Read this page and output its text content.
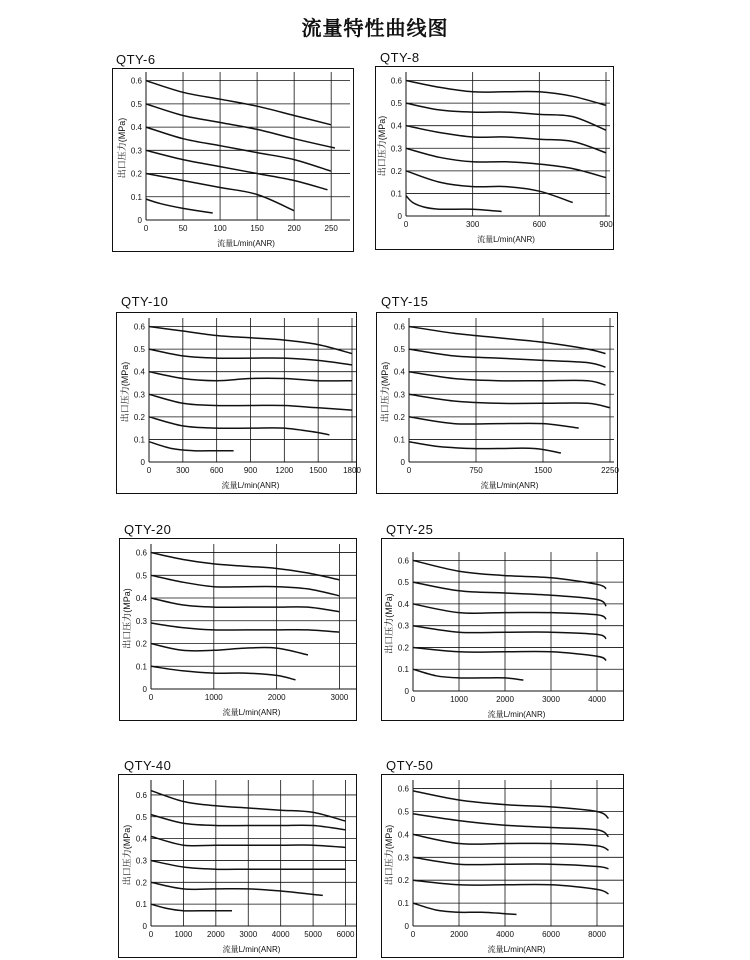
流量特性曲线图
QTY-6	QTY-8
QTY-10	QTY-15
QTY-20	QTY-25
QTY-40	QTY-50
0	50	100	150	200	250
0
0.1
0.2
0.3
0.4
0.5
0.6
流量L/min(ANR)
出口压力(MPa)
0	300	600	900
0
0.1
0.2
0.3
0.4
0.5
0.6
流量L/min(ANR)
出口压力(MPa)
0	300	600	900 1200 1500 1800
0
0.1
0.2
0.3
0.4
0.5
0.6
流量L/min(ANR)
出口压力(MPa)
0	750	1500	2250
0
0.1
0.2
0.3
0.4
0.5
0.6
流量L/min(ANR)
出口压力(MPa)
0	1000	2000	3000
0
0.1
0.2
0.3
0.4
0.5
0.6
流量L/min(ANR)
出口压力(MPa)
0	1000	2000	3000	4000
0
0.1
0.2
0.3
0.4
0.5
0.6
流量L/min(ANR)
出口压力(MPa)
0	1000 2000 3000 4000 5000 6000
0
0.1
0.2
0.3
0.4
0.5
0.6
流量L/min(ANR)
出口压力(MPa)
0	2000	4000	6000	8000
0
0.1
0.2
0.3
0.4
0.5
0.6
流量L/min(ANR)
出口压力(MPa)
